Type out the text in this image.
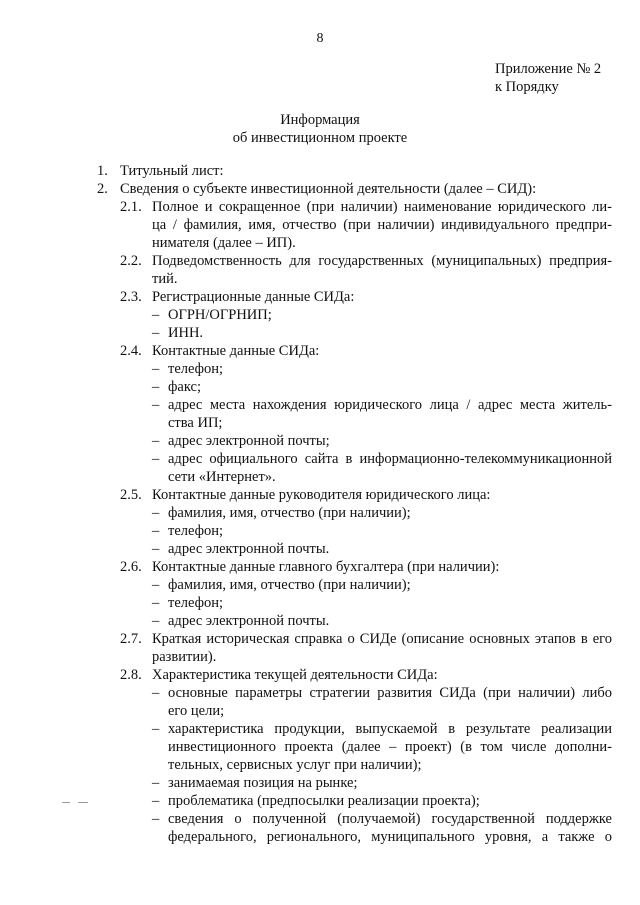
8
Приложение № 2
к Порядку
Информация
об инвестиционном проекте
1. Титульный лист:
2. Сведения о субъекте инвестиционной деятельности (далее – СИД):
2.1. Полное и сокращенное (при наличии) наименование юридического ли-
ца / фамилия, имя, отчество (при наличии) индивидуального предпри-
нимателя (далее – ИП).
2.2. Подведомственность для государственных (муниципальных) предприя-
тий.
2.3. Регистрационные данные СИДа:
– ОГРН/ОГРНИП;
– ИНН.
2.4. Контактные данные СИДа:
– телефон;
– факс;
– адрес места нахождения юридического лица / адрес места житель-
ства ИП;
– адрес электронной почты;
– адрес официального сайта в информационно-телекоммуникационной
сети «Интернет».
2.5. Контактные данные руководителя юридического лица:
– фамилия, имя, отчество (при наличии);
– телефон;
– адрес электронной почты.
2.6. Контактные данные главного бухгалтера (при наличии):
– фамилия, имя, отчество (при наличии);
– телефон;
– адрес электронной почты.
2.7. Краткая историческая справка о СИДе (описание основных этапов в его
развитии).
2.8. Характеристика текущей деятельности СИДа:
– основные параметры стратегии развития СИДа (при наличии) либо
его цели;
– характеристика продукции, выпускаемой в результате реализации
инвестиционного проекта (далее – проект) (в том числе дополни-
тельных, сервисных услуг при наличии);
– занимаемая позиция на рынке;
– проблематика (предпосылки реализации проекта);
– сведения о полученной (получаемой) государственной поддержке
федерального, регионального, муниципального уровня, а также о
